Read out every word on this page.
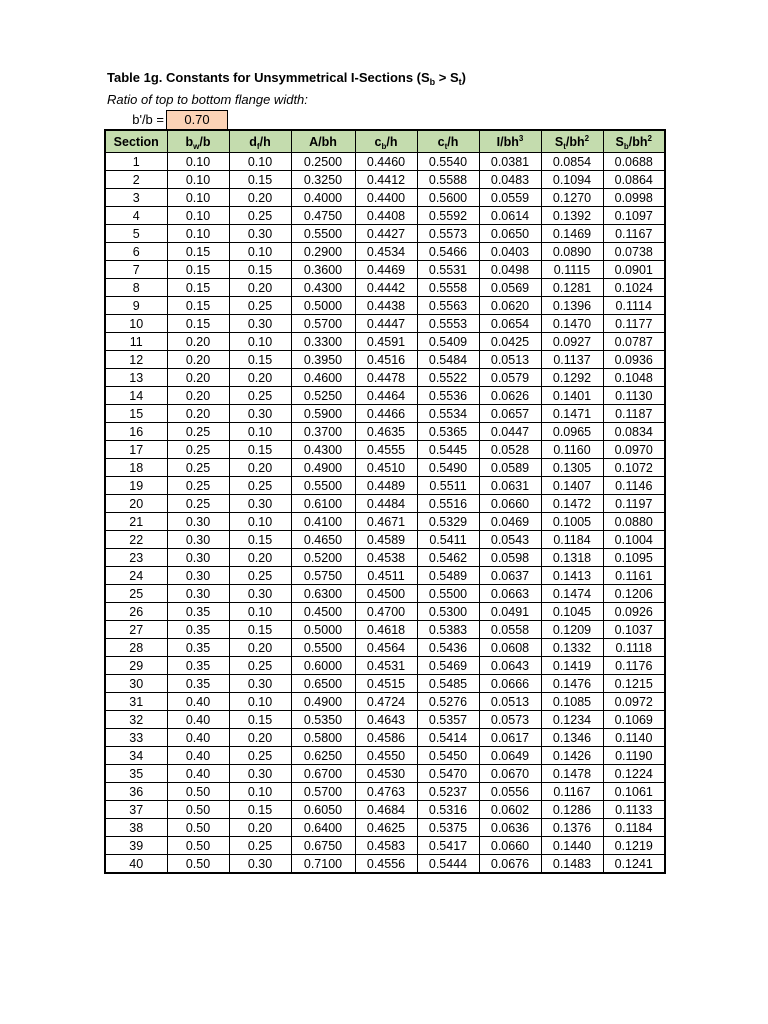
Table 1g. Constants for Unsymmetrical I-Sections $(S_b > S_t)$
Ratio of top to bottom flange width:
b'/b =	0.70
Section	$b_w/b$	$d_f/h$	A/bh	$c_b/h$	$c_t/h$	$I/bh^3$	$S_t/bh^2$	$S_b/bh^2$
1	0.10	0.10	0.2500	0.4460	0.5540	0.0381	0.0854	0.0688
2	0.10	0.15	0.3250	0.4412	0.5588	0.0483	0.1094	0.0864
3	0.10	0.20	0.4000	0.4400	0.5600	0.0559	0.1270	0.0998
4	0.10	0.25	0.4750	0.4408	0.5592	0.0614	0.1392	0.1097
5	0.10	0.30	0.5500	0.4427	0.5573	0.0650	0.1469	0.1167
6	0.15	0.10	0.2900	0.4534	0.5466	0.0403	0.0890	0.0738
7	0.15	0.15	0.3600	0.4469	0.5531	0.0498	0.1115	0.0901
8	0.15	0.20	0.4300	0.4442	0.5558	0.0569	0.1281	0.1024
9	0.15	0.25	0.5000	0.4438	0.5563	0.0620	0.1396	0.1114
10	0.15	0.30	0.5700	0.4447	0.5553	0.0654	0.1470	0.1177
11	0.20	0.10	0.3300	0.4591	0.5409	0.0425	0.0927	0.0787
12	0.20	0.15	0.3950	0.4516	0.5484	0.0513	0.1137	0.0936
13	0.20	0.20	0.4600	0.4478	0.5522	0.0579	0.1292	0.1048
14	0.20	0.25	0.5250	0.4464	0.5536	0.0626	0.1401	0.1130
15	0.20	0.30	0.5900	0.4466	0.5534	0.0657	0.1471	0.1187
16	0.25	0.10	0.3700	0.4635	0.5365	0.0447	0.0965	0.0834
17	0.25	0.15	0.4300	0.4555	0.5445	0.0528	0.1160	0.0970
18	0.25	0.20	0.4900	0.4510	0.5490	0.0589	0.1305	0.1072
19	0.25	0.25	0.5500	0.4489	0.5511	0.0631	0.1407	0.1146
20	0.25	0.30	0.6100	0.4484	0.5516	0.0660	0.1472	0.1197
21	0.30	0.10	0.4100	0.4671	0.5329	0.0469	0.1005	0.0880
22	0.30	0.15	0.4650	0.4589	0.5411	0.0543	0.1184	0.1004
23	0.30	0.20	0.5200	0.4538	0.5462	0.0598	0.1318	0.1095
24	0.30	0.25	0.5750	0.4511	0.5489	0.0637	0.1413	0.1161
25	0.30	0.30	0.6300	0.4500	0.5500	0.0663	0.1474	0.1206
26	0.35	0.10	0.4500	0.4700	0.5300	0.0491	0.1045	0.0926
27	0.35	0.15	0.5000	0.4618	0.5383	0.0558	0.1209	0.1037
28	0.35	0.20	0.5500	0.4564	0.5436	0.0608	0.1332	0.1118
29	0.35	0.25	0.6000	0.4531	0.5469	0.0643	0.1419	0.1176
30	0.35	0.30	0.6500	0.4515	0.5485	0.0666	0.1476	0.1215
31	0.40	0.10	0.4900	0.4724	0.5276	0.0513	0.1085	0.0972
32	0.40	0.15	0.5350	0.4643	0.5357	0.0573	0.1234	0.1069
33	0.40	0.20	0.5800	0.4586	0.5414	0.0617	0.1346	0.1140
34	0.40	0.25	0.6250	0.4550	0.5450	0.0649	0.1426	0.1190
35	0.40	0.30	0.6700	0.4530	0.5470	0.0670	0.1478	0.1224
36	0.50	0.10	0.5700	0.4763	0.5237	0.0556	0.1167	0.1061
37	0.50	0.15	0.6050	0.4684	0.5316	0.0602	0.1286	0.1133
38	0.50	0.20	0.6400	0.4625	0.5375	0.0636	0.1376	0.1184
39	0.50	0.25	0.6750	0.4583	0.5417	0.0660	0.1440	0.1219
40	0.50	0.30	0.7100	0.4556	0.5444	0.0676	0.1483	0.1241
